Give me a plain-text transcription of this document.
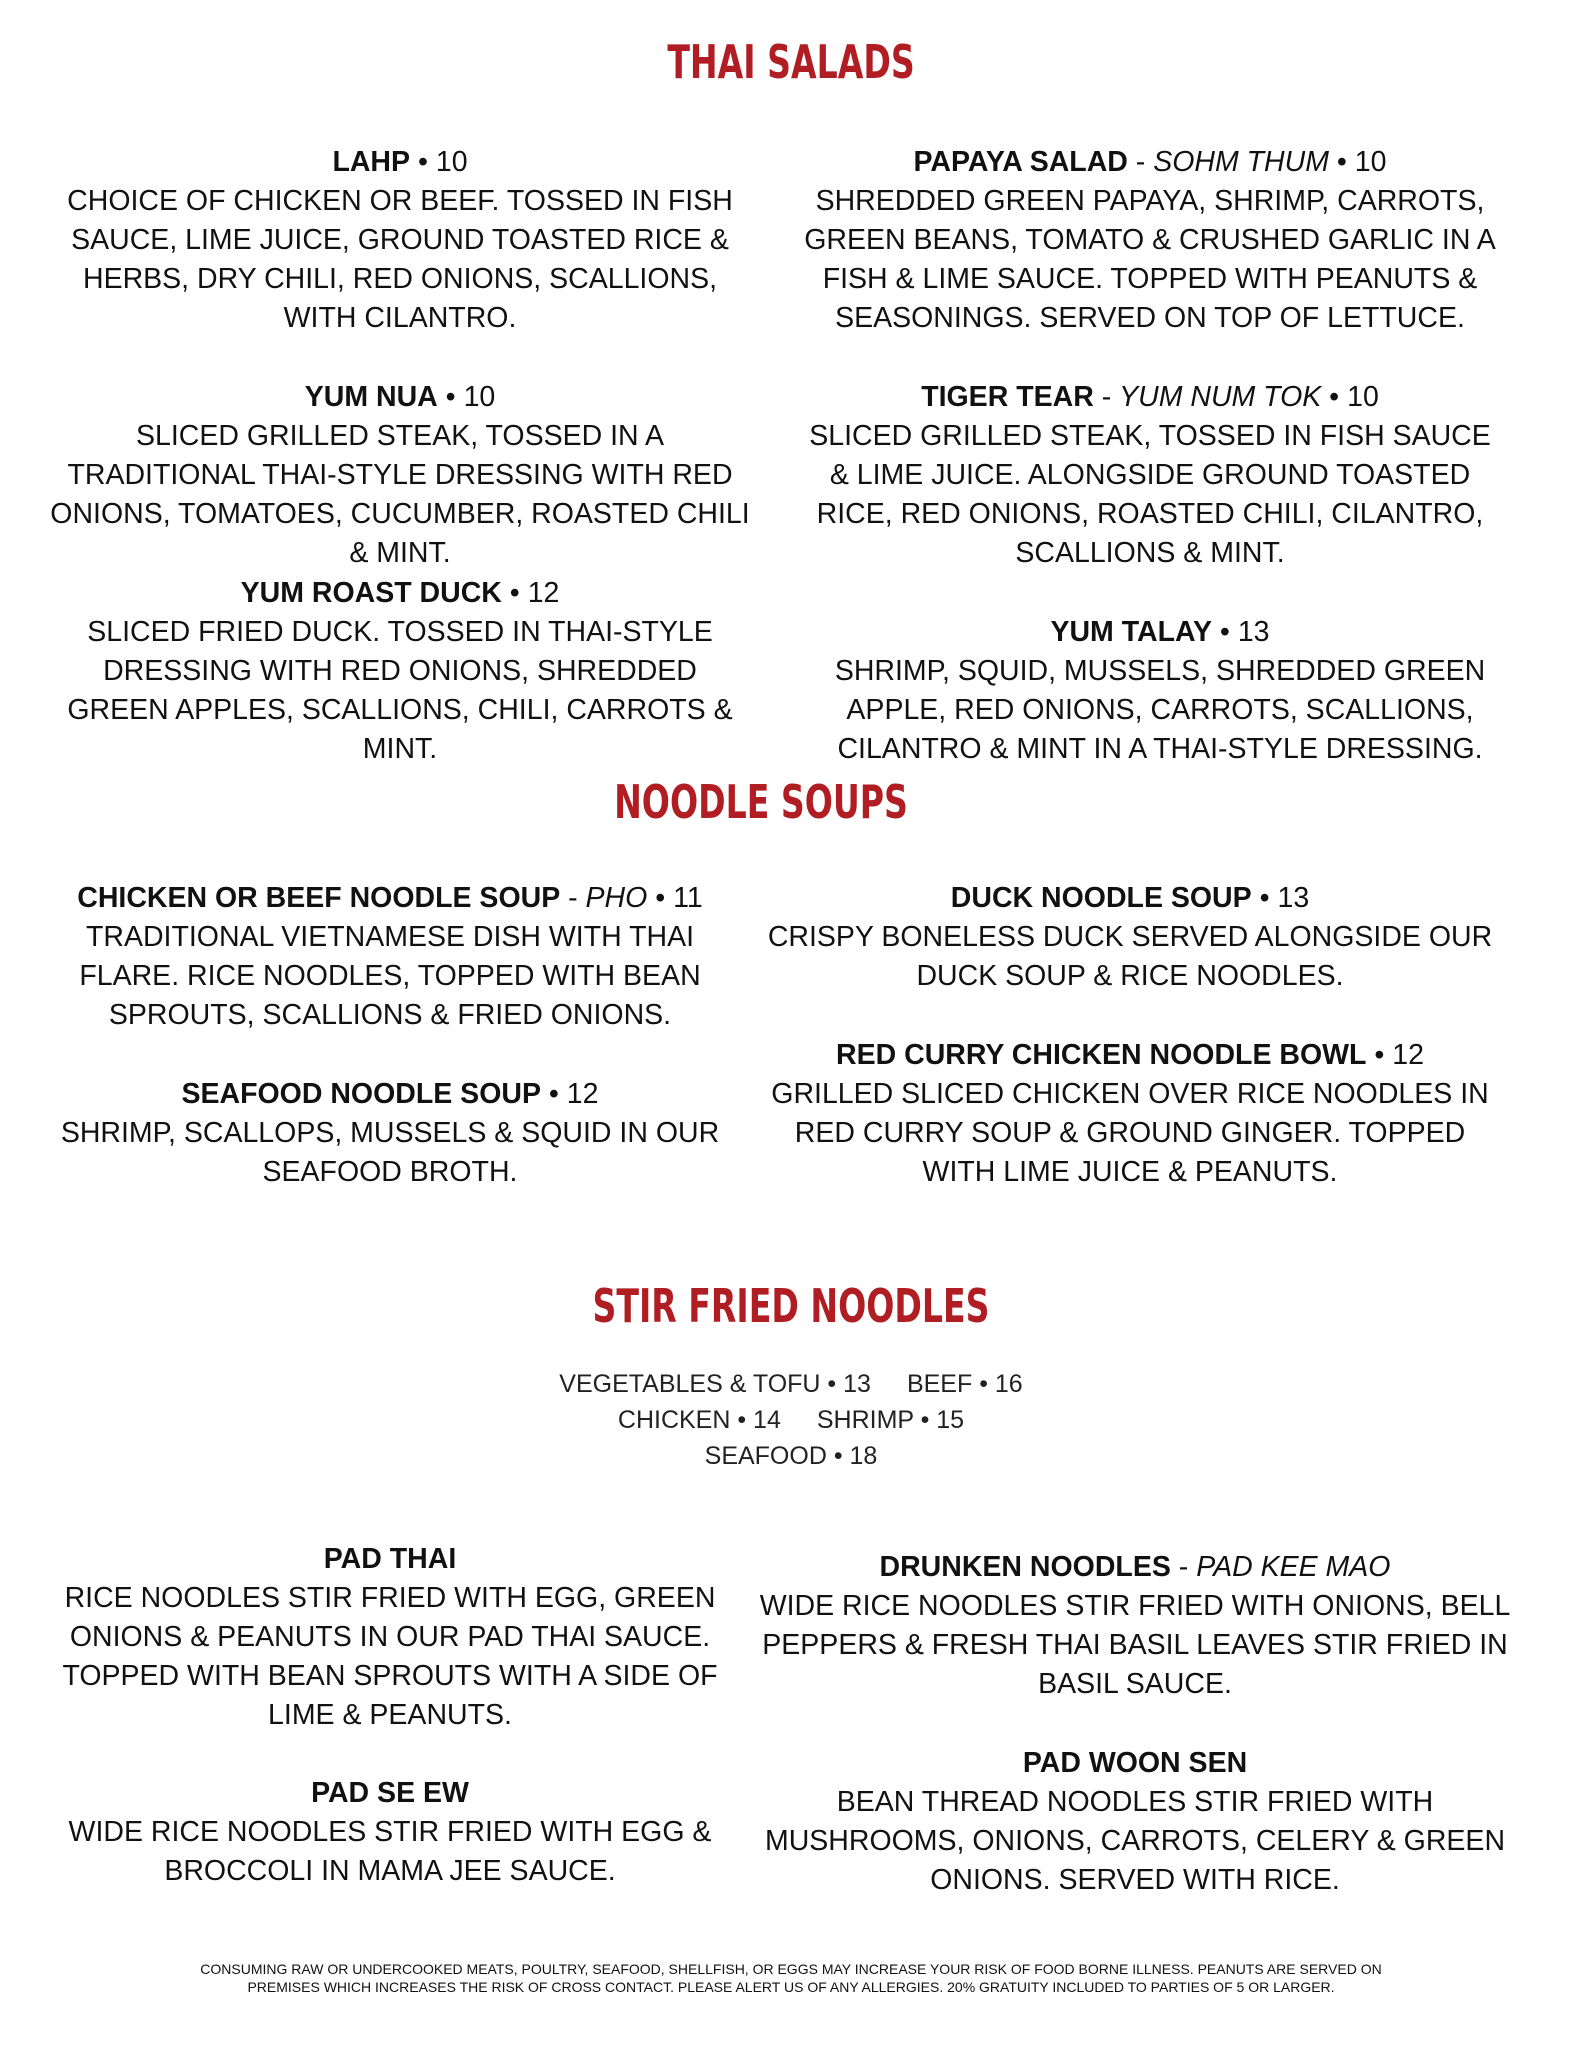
THAI SALADS
LAHP • 10
CHOICE OF CHICKEN OR BEEF. TOSSED IN FISH SAUCE, LIME JUICE, GROUND TOASTED RICE & HERBS, DRY CHILI, RED ONIONS, SCALLIONS, WITH CILANTRO.
PAPAYA SALAD - SOHM THUM • 10
SHREDDED GREEN PAPAYA, SHRIMP, CARROTS, GREEN BEANS, TOMATO & CRUSHED GARLIC IN A FISH & LIME SAUCE. TOPPED WITH PEANUTS & SEASONINGS. SERVED ON TOP OF LETTUCE.
YUM NUA • 10
SLICED GRILLED STEAK, TOSSED IN A TRADITIONAL THAI-STYLE DRESSING WITH RED ONIONS, TOMATOES, CUCUMBER, ROASTED CHILI & MINT.
TIGER TEAR - YUM NUM TOK • 10
SLICED GRILLED STEAK, TOSSED IN FISH SAUCE & LIME JUICE. ALONGSIDE GROUND TOASTED RICE, RED ONIONS, ROASTED CHILI, CILANTRO, SCALLIONS & MINT.
YUM ROAST DUCK • 12
SLICED FRIED DUCK. TOSSED IN THAI-STYLE DRESSING WITH RED ONIONS, SHREDDED GREEN APPLES, SCALLIONS, CHILI, CARROTS & MINT.
YUM TALAY • 13
SHRIMP, SQUID, MUSSELS, SHREDDED GREEN APPLE, RED ONIONS, CARROTS, SCALLIONS, CILANTRO & MINT IN A THAI-STYLE DRESSING.
NOODLE SOUPS
CHICKEN OR BEEF NOODLE SOUP - PHO • 11
TRADITIONAL VIETNAMESE DISH WITH THAI FLARE. RICE NOODLES, TOPPED WITH BEAN SPROUTS, SCALLIONS & FRIED ONIONS.
DUCK NOODLE SOUP • 13
CRISPY BONELESS DUCK SERVED ALONGSIDE OUR DUCK SOUP & RICE NOODLES.
SEAFOOD NOODLE SOUP • 12
SHRIMP, SCALLOPS, MUSSELS & SQUID IN OUR SEAFOOD BROTH.
RED CURRY CHICKEN NOODLE BOWL • 12
GRILLED SLICED CHICKEN OVER RICE NOODLES IN RED CURRY SOUP & GROUND GINGER. TOPPED WITH LIME JUICE & PEANUTS.
STIR FRIED NOODLES
VEGETABLES & TOFU • 13 BEEF • 16
CHICKEN • 14 SHRIMP • 15
SEAFOOD • 18
PAD THAI
RICE NOODLES STIR FRIED WITH EGG, GREEN ONIONS & PEANUTS IN OUR PAD THAI SAUCE. TOPPED WITH BEAN SPROUTS WITH A SIDE OF LIME & PEANUTS.
DRUNKEN NOODLES - PAD KEE MAO
WIDE RICE NOODLES STIR FRIED WITH ONIONS, BELL PEPPERS & FRESH THAI BASIL LEAVES STIR FRIED IN BASIL SAUCE.
PAD SE EW
WIDE RICE NOODLES STIR FRIED WITH EGG & BROCCOLI IN MAMA JEE SAUCE.
PAD WOON SEN
BEAN THREAD NOODLES STIR FRIED WITH MUSHROOMS, ONIONS, CARROTS, CELERY & GREEN ONIONS. SERVED WITH RICE.
CONSUMING RAW OR UNDERCOOKED MEATS, POULTRY, SEAFOOD, SHELLFISH, OR EGGS MAY INCREASE YOUR RISK OF FOOD BORNE ILLNESS. PEANUTS ARE SERVED ON PREMISES WHICH INCREASES THE RISK OF CROSS CONTACT. PLEASE ALERT US OF ANY ALLERGIES. 20% GRATUITY INCLUDED TO PARTIES OF 5 OR LARGER.
